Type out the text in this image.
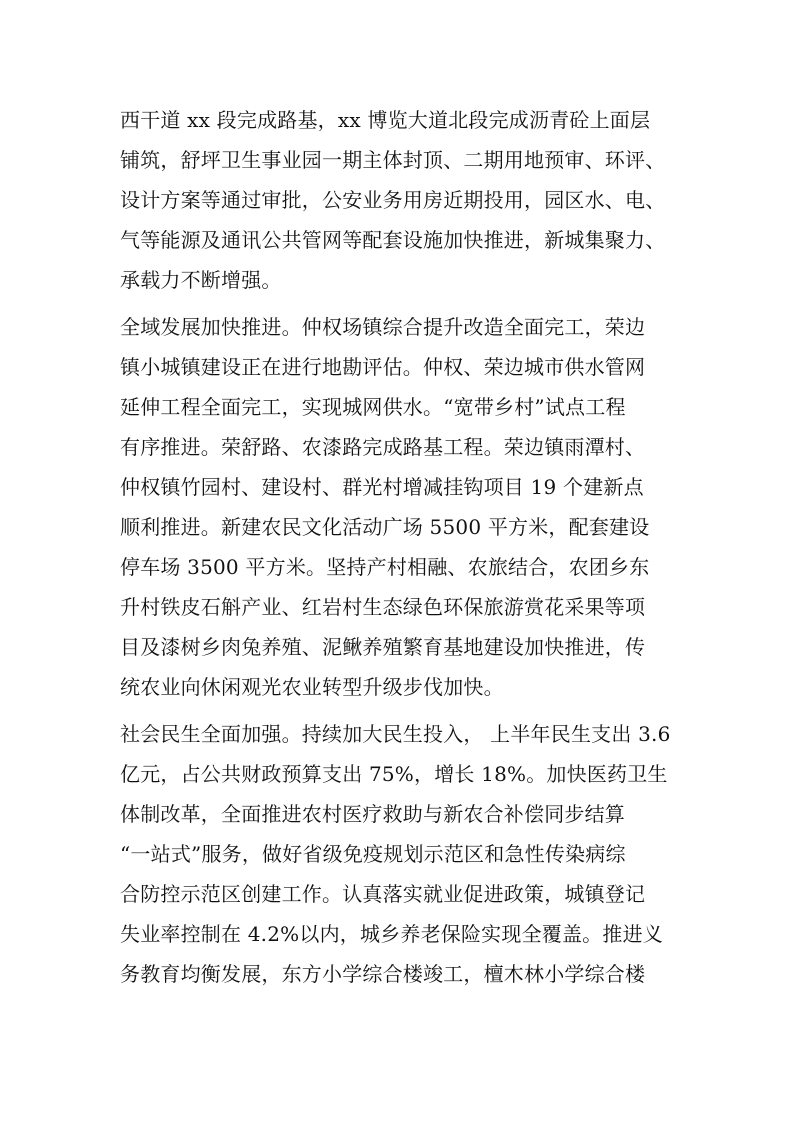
西干道 xx 段完成路基，xx 博览大道北段完成沥青砼上面层
铺筑，舒坪卫生事业园一期主体封顶、二期用地预审、环评、
设计方案等通过审批，公安业务用房近期投用，园区水、电、
气等能源及通讯公共管网等配套设施加快推进，新城集聚力、
承载力不断增强。
全域发展加快推进。仲权场镇综合提升改造全面完工，荣边
镇小城镇建设正在进行地勘评估。仲权、荣边城市供水管网
延伸工程全面完工，实现城网供水。“宽带乡村”试点工程
有序推进。荣舒路、农漆路完成路基工程。荣边镇雨潭村、
仲权镇竹园村、建设村、群光村增减挂钩项目 19 个建新点
顺利推进。新建农民文化活动广场 5500 平方米，配套建设
停车场 3500 平方米。坚持产村相融、农旅结合，农团乡东
升村铁皮石斛产业、红岩村生态绿色环保旅游赏花采果等项
目及漆树乡肉兔养殖、泥鳅养殖繁育基地建设加快推进，传
统农业向休闲观光农业转型升级步伐加快。
社会民生全面加强。持续加大民生投入， 上半年民生支出 3.6
亿元，占公共财政预算支出 75%，增长 18%。加快医药卫生
体制改革，全面推进农村医疗救助与新农合补偿同步结算
“一站式”服务，做好省级免疫规划示范区和急性传染病综
合防控示范区创建工作。认真落实就业促进政策，城镇登记
失业率控制在 4.2%以内，城乡养老保险实现全覆盖。推进义
务教育均衡发展，东方小学综合楼竣工，檀木林小学综合楼
